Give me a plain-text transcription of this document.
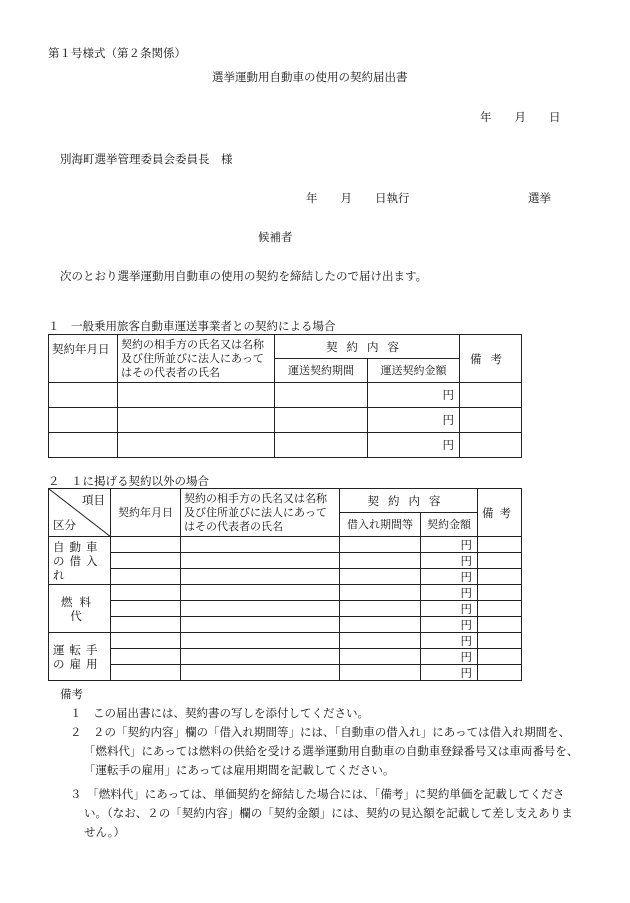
第１号様式（第２条関係）
選挙運動用自動車の使用の契約届出書
年　　月　　日
別海町選挙管理委員会委員長　様
年　　月　　日執行	選挙
候補者
次のとおり選挙運動用自動車の使用の契約を締結したので届け出ます。
１　一般乗用旅客自動車運送事業者との契約による場合
契約年月日	契約の相手方の氏名又は名称及び住所並びに法人にあってはその代表者の氏名	契約内容		備考
		運送契約期間	運送契約金額	
			円	
			円	
			円	
２　１に掲げる契約以外の場合
項目
区分	契約年月日	契約の相手方の氏名又は名称及び住所並びに法人にあってはその代表者の氏名	契約内容		備考
			借入れ期間等	契約金額	
自動車の借入れ				円	
				円	
				円	
燃料代				円	
				円	
				円	
運転手の雇用				円	
				円	
				円	
備考
１　この届出書には、契約書の写しを添付してください。
２　２の「契約内容」欄の「借入れ期間等」には、「自動車の借入れ」にあっては借入れ期間を、
「燃料代」にあっては燃料の供給を受ける選挙運動用自動車の自動車登録番号又は車両番号を、
「運転手の雇用」にあっては雇用期間を記載してください。
３　「燃料代」にあっては、単価契約を締結した場合には、「備考」に契約単価を記載してくださ
い。（なお、２の「契約内容」欄の「契約金額」には、契約の見込額を記載して差し支えありま
せん。）
